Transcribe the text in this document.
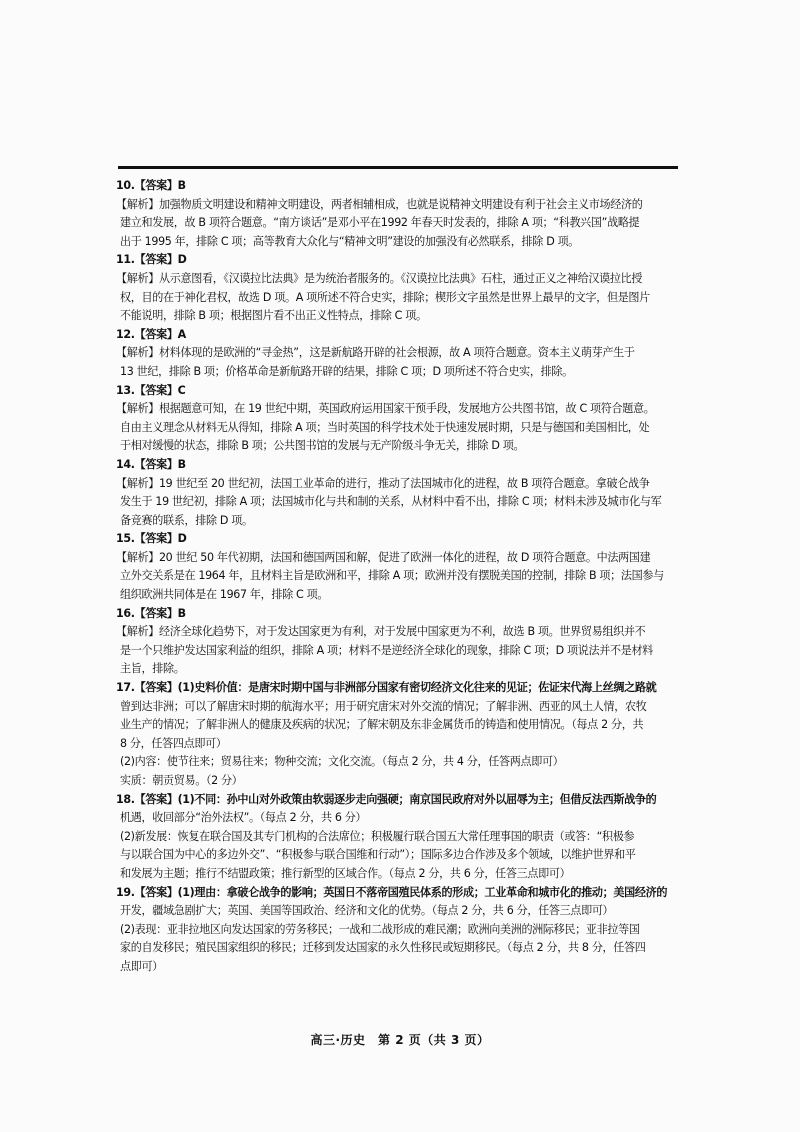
10.【答案】B
【解析】加强物质文明建设和精神文明建设，两者相辅相成，也就是说精神文明建设有利于社会主义市场经济的
建立和发展，故 B 项符合题意。“南方谈话”是邓小平在1992 年春天时发表的，排除 A 项；“科教兴国”战略提
出于 1995 年，排除 C 项；高等教育大众化与“精神文明”建设的加强没有必然联系，排除 D 项。
11.【答案】D
【解析】从示意图看，《汉谟拉比法典》是为统治者服务的。《汉谟拉比法典》石柱，通过正义之神给汉谟拉比授
权，目的在于神化君权，故选 D 项。A 项所述不符合史实，排除；楔形文字虽然是世界上最早的文字，但是图片
不能说明，排除 B 项；根据图片看不出正义性特点，排除 C 项。
12.【答案】A
【解析】材料体现的是欧洲的“寻金热”，这是新航路开辟的社会根源，故 A 项符合题意。资本主义萌芽产生于
13 世纪，排除 B 项；价格革命是新航路开辟的结果，排除 C 项；D 项所述不符合史实，排除。
13.【答案】C
【解析】根据题意可知，在 19 世纪中期，英国政府运用国家干预手段，发展地方公共图书馆，故 C 项符合题意。
自由主义理念从材料无从得知，排除 A 项；当时英国的科学技术处于快速发展时期，只是与德国和美国相比，处
于相对缓慢的状态，排除 B 项；公共图书馆的发展与无产阶级斗争无关，排除 D 项。
14.【答案】B
【解析】19 世纪至 20 世纪初，法国工业革命的进行，推动了法国城市化的进程，故 B 项符合题意。拿破仑战争
发生于 19 世纪初，排除 A 项；法国城市化与共和制的关系，从材料中看不出，排除 C 项；材料未涉及城市化与军
备竞赛的联系，排除 D 项。
15.【答案】D
【解析】20 世纪 50 年代初期，法国和德国两国和解，促进了欧洲一体化的进程，故 D 项符合题意。中法两国建
立外交关系是在 1964 年，且材料主旨是欧洲和平，排除 A 项；欧洲并没有摆脱美国的控制，排除 B 项；法国参与
组织欧洲共同体是在 1967 年，排除 C 项。
16.【答案】B
【解析】经济全球化趋势下，对于发达国家更为有利，对于发展中国家更为不利，故选 B 项。世界贸易组织并不
是一个只维护发达国家利益的组织，排除 A 项；材料不是逆经济全球化的现象，排除 C 项；D 项说法并不是材料
主旨，排除。
17.【答案】(1)史料价值：是唐宋时期中国与非洲部分国家有密切经济文化往来的见证；佐证宋代海上丝绸之路就
曾到达非洲；可以了解唐宋时期的航海水平；用于研究唐宋对外交流的情况；了解非洲、西亚的风土人情，农牧
业生产的情况；了解非洲人的健康及疾病的状况；了解宋朝及东非金属货币的铸造和使用情况。（每点 2 分，共
8 分，任答四点即可）
(2)内容：使节往来；贸易往来；物种交流；文化交流。（每点 2 分，共 4 分，任答两点即可）
实质：朝贡贸易。（2 分）
18.【答案】(1)不同：孙中山对外政策由软弱逐步走向强硬；南京国民政府对外以屈辱为主；但借反法西斯战争的
机遇，收回部分“治外法权”。（每点 2 分，共 6 分）
(2)新发展：恢复在联合国及其专门机构的合法席位；积极履行联合国五大常任理事国的职责（或答：“积极参
与以联合国为中心的多边外交”、“积极参与联合国维和行动”）；国际多边合作涉及多个领域，以维护世界和平
和发展为主题；推行不结盟政策；推行新型的区域合作。（每点 2 分，共 6 分，任答三点即可）
19.【答案】(1)理由：拿破仑战争的影响；英国日不落帝国殖民体系的形成；工业革命和城市化的推动；美国经济的
开发，疆域急剧扩大；英国、美国等国政治、经济和文化的优势。（每点 2 分，共 6 分，任答三点即可）
(2)表现：亚非拉地区向发达国家的劳务移民；一战和二战形成的难民潮；欧洲向美洲的洲际移民；亚非拉等国
家的自发移民；殖民国家组织的移民；迁移到发达国家的永久性移民或短期移民。（每点 2 分，共 8 分，任答四
点即可）
高三·历史　第 2 页（共 3 页）
